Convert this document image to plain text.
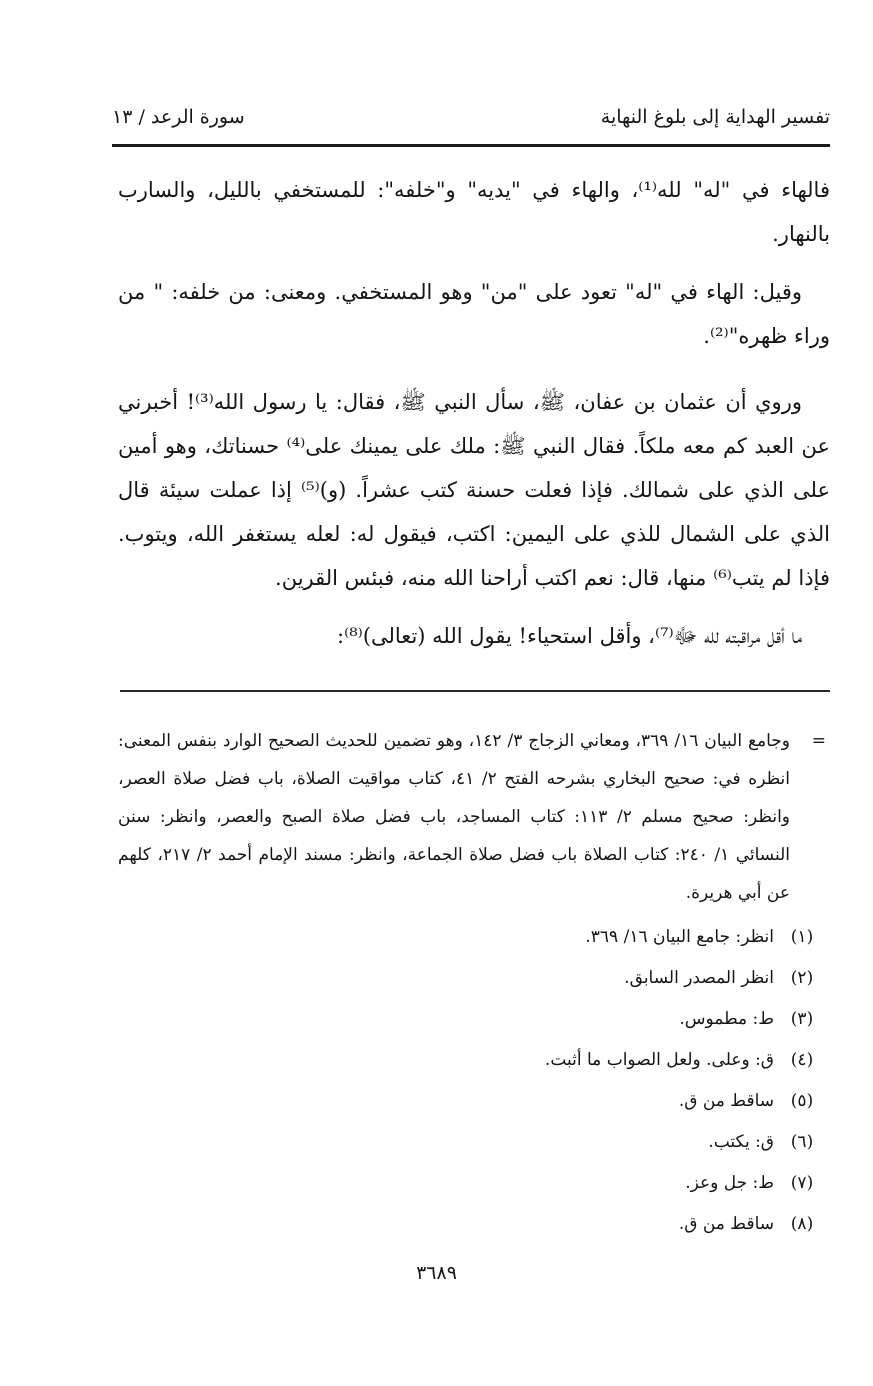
تفسير الهداية إلى بلوغ النهاية
سورة الرعد / ١٣

فالهاء في "له" لله⁽¹⁾، والهاء في "يديه" و"خلفه": للمستخفي بالليل، والسارب بالنهار.

وقيل: الهاء في "له" تعود على "من" وهو المستخفي. ومعنى: من خلفه: " من وراء ظهره"⁽²⁾.

وروي أن عثمان بن عفان، ﷺ، سأل النبي ﷺ، فقال: يا رسول الله⁽³⁾! أخبرني عن العبد كم معه ملكاً. فقال النبي ﷺ: ملك على يمينك على⁽⁴⁾ حسناتك، وهو أمين على الذي على شمالك. فإذا فعلت حسنة كتب عشراً. (و)⁽⁵⁾ إذا عملت سيئة قال الذي على الشمال للذي على اليمين: اكتب، فيقول له: لعله يستغفر الله، ويتوب. فإذا لم يتب⁽⁶⁾ منها، قال: نعم اكتب أراحنا الله منه، فبئس القرين.

ما أقل مراقبته لله ﷻ⁽⁷⁾، وأقل استحياء! يقول الله (تعالى)⁽⁸⁾:

=
وجامع البيان ١٦/ ٣٦٩، ومعاني الزجاج ٣/ ١٤٢، وهو تضمين للحديث الصحيح الوارد بنفس المعنى: انظره في: صحيح البخاري بشرحه الفتح ٢/ ٤١، كتاب مواقيت الصلاة، باب فضل صلاة العصر، وانظر: صحيح مسلم ٢/ ١١٣: كتاب المساجد، باب فضل صلاة الصبح والعصر، وانظر: سنن النسائي ١/ ٢٤٠: كتاب الصلاة باب فضل صلاة الجماعة، وانظر: مسند الإمام أحمد ٢/ ٢١٧، كلهم عن أبي هريرة.
(١)
انظر: جامع البيان ١٦/ ٣٦٩.
(٢)
انظر المصدر السابق.
(٣)
ط: مطموس.
(٤)
ق: وعلى. ولعل الصواب ما أثبت.
(٥)
ساقط من ق.
(٦)
ق: يكتب.
(٧)
ط: جل وعز.
(٨)
ساقط من ق.
٣٦٨٩
